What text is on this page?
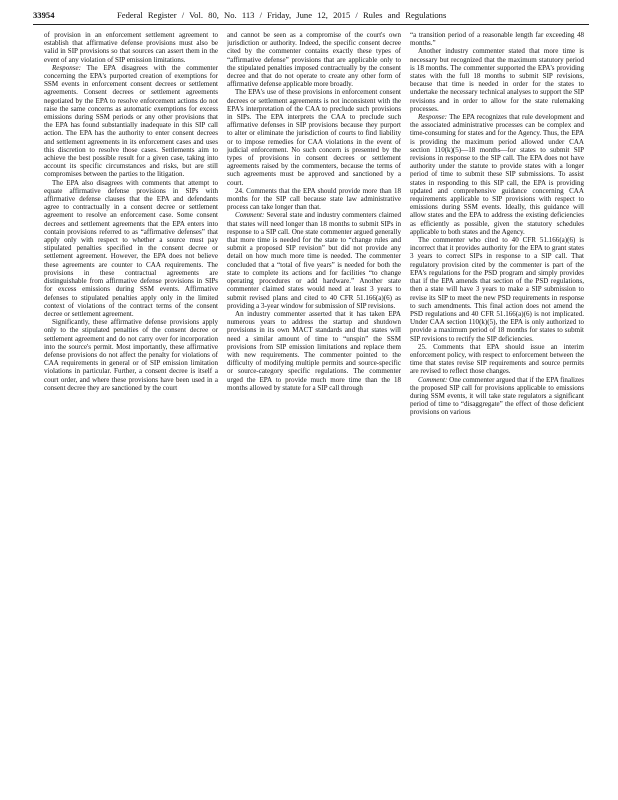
33954	Federal Register / Vol. 80, No. 113 / Friday, June 12, 2015 / Rules and Regulations

of provision in an enforcement settlement agreement to establish that affirmative defense provisions must also be valid in SIP provisions so that sources can assert them in the event of any violation of SIP emission limitations.

Response: The EPA disagrees with the commenter concerning the EPA's purported creation of exemptions for SSM events in enforcement consent decrees or settlement agreements. Consent decrees or settlement agreements negotiated by the EPA to resolve enforcement actions do not raise the same concerns as automatic exemptions for excess emissions during SSM periods or any other provisions that the EPA has found substantially inadequate in this SIP call action. The EPA has the authority to enter consent decrees and settlement agreements in its enforcement cases and uses this discretion to resolve those cases. Settlements aim to achieve the best possible result for a given case, taking into account its specific circumstances and risks, but are still compromises between the parties to the litigation.

The EPA also disagrees with comments that attempt to equate affirmative defense provisions in SIPs with affirmative defense clauses that the EPA and defendants agree to contractually in a consent decree or settlement agreement to resolve an enforcement case. Some consent decrees and settlement agreements that the EPA enters into contain provisions referred to as “affirmative defenses” that apply only with respect to whether a source must pay stipulated penalties specified in the consent decree or settlement agreement. However, the EPA does not believe these agreements are counter to CAA requirements. The provisions in these contractual agreements are distinguishable from affirmative defense provisions in SIPs for excess emissions during SSM events. Affirmative defenses to stipulated penalties apply only in the limited context of violations of the contract terms of the consent decree or settlement agreement.

Significantly, these affirmative defense provisions apply only to the stipulated penalties of the consent decree or settlement agreement and do not carry over for incorporation into the source's permit. Most importantly, these affirmative defense provisions do not affect the penalty for violations of CAA requirements in general or of SIP emission limitation violations in particular. Further, a consent decree is itself a court order, and where these provisions have been used in a consent decree they are sanctioned by the court

and cannot be seen as a compromise of the court's own jurisdiction or authority. Indeed, the specific consent decree cited by the commenter contains exactly these types of “affirmative defense” provisions that are applicable only to the stipulated penalties imposed contractually by the consent decree and that do not operate to create any other form of affirmative defense applicable more broadly.

The EPA's use of these provisions in enforcement consent decrees or settlement agreements is not inconsistent with the EPA's interpretation of the CAA to preclude such provisions in SIPs. The EPA interprets the CAA to preclude such affirmative defenses in SIP provisions because they purport to alter or eliminate the jurisdiction of courts to find liability or to impose remedies for CAA violations in the event of judicial enforcement. No such concern is presented by the types of provisions in consent decrees or settlement agreements raised by the commenters, because the terms of such agreements must be approved and sanctioned by a court.

24. Comments that the EPA should provide more than 18 months for the SIP call because state law administrative process can take longer than that.

Comment: Several state and industry commenters claimed that states will need longer than 18 months to submit SIPs in response to a SIP call. One state commenter argued generally that more time is needed for the state to “change rules and submit a proposed SIP revision” but did not provide any detail on how much more time is needed. The commenter concluded that a “total of five years” is needed for both the state to complete its actions and for facilities “to change operating procedures or add hardware.” Another state commenter claimed states would need at least 3 years to submit revised plans and cited to 40 CFR 51.166(a)(6) as providing a 3-year window for submission of SIP revisions.

An industry commenter asserted that it has taken EPA numerous years to address the startup and shutdown provisions in its own MACT standards and that states will need a similar amount of time to “unspin” the SSM provisions from SIP emission limitations and replace them with new requirements. The commenter pointed to the difficulty of modifying multiple permits and source-specific or source-category specific regulations. The commenter urged the EPA to provide much more time than the 18 months allowed by statute for a SIP call through

“a transition period of a reasonable length far exceeding 48 months.”

Another industry commenter stated that more time is necessary but recognized that the maximum statutory period is 18 months. The commenter supported the EPA's providing states with the full 18 months to submit SIP revisions, because that time is needed in order for the states to undertake the necessary technical analyses to support the SIP revisions and in order to allow for the state rulemaking processes.

Response: The EPA recognizes that rule development and the associated administrative processes can be complex and time-consuming for states and for the Agency. Thus, the EPA is providing the maximum period allowed under CAA section 110(k)(5)—18 months—for states to submit SIP revisions in response to the SIP call. The EPA does not have authority under the statute to provide states with a longer period of time to submit these SIP submissions. To assist states in responding to this SIP call, the EPA is providing updated and comprehensive guidance concerning CAA requirements applicable to SIP provisions with respect to emissions during SSM events. Ideally, this guidance will allow states and the EPA to address the existing deficiencies as efficiently as possible, given the statutory schedules applicable to both states and the Agency.

The commenter who cited to 40 CFR 51.166(a)(6) is incorrect that it provides authority for the EPA to grant states 3 years to correct SIPs in response to a SIP call. That regulatory provision cited by the commenter is part of the EPA's regulations for the PSD program and simply provides that if the EPA amends that section of the PSD regulations, then a state will have 3 years to make a SIP submission to revise its SIP to meet the new PSD requirements in response to such amendments. This final action does not amend the PSD regulations and 40 CFR 51.166(a)(6) is not implicated. Under CAA section 110(k)(5), the EPA is only authorized to provide a maximum period of 18 months for states to submit SIP revisions to rectify the SIP deficiencies.

25. Comments that EPA should issue an interim enforcement policy, with respect to enforcement between the time that states revise SIP requirements and source permits are revised to reflect those changes.

Comment: One commenter argued that if the EPA finalizes the proposed SIP call for provisions applicable to emissions during SSM events, it will take state regulators a significant period of time to “disaggregate” the effect of those deficient provisions on various
